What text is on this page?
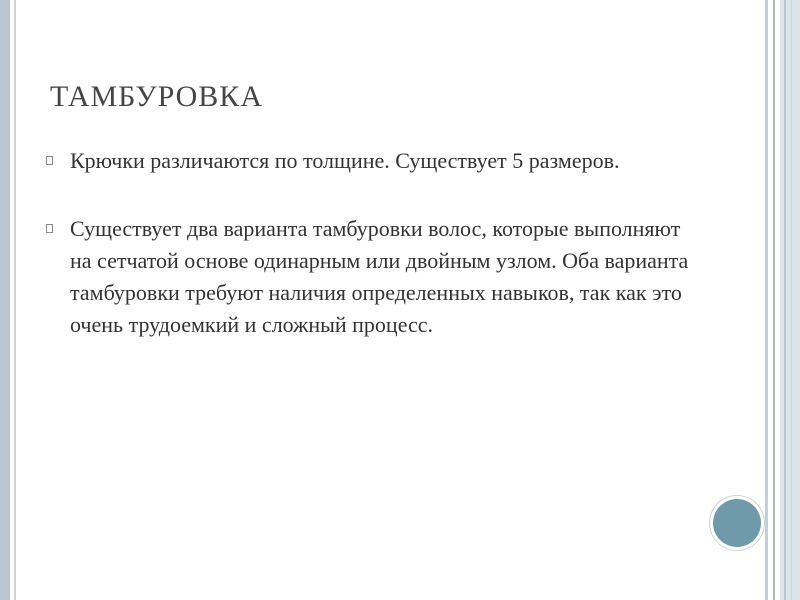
ТАМБУРОВКА
Крючки различаются по толщине. Существует 5 размеров.
Существует два варианта тамбуровки волос, которые выполняют на сетчатой основе одинарным или двойным узлом. Оба варианта тамбуровки требуют наличия определенных навыков, так как это очень трудоемкий и сложный процесс.
